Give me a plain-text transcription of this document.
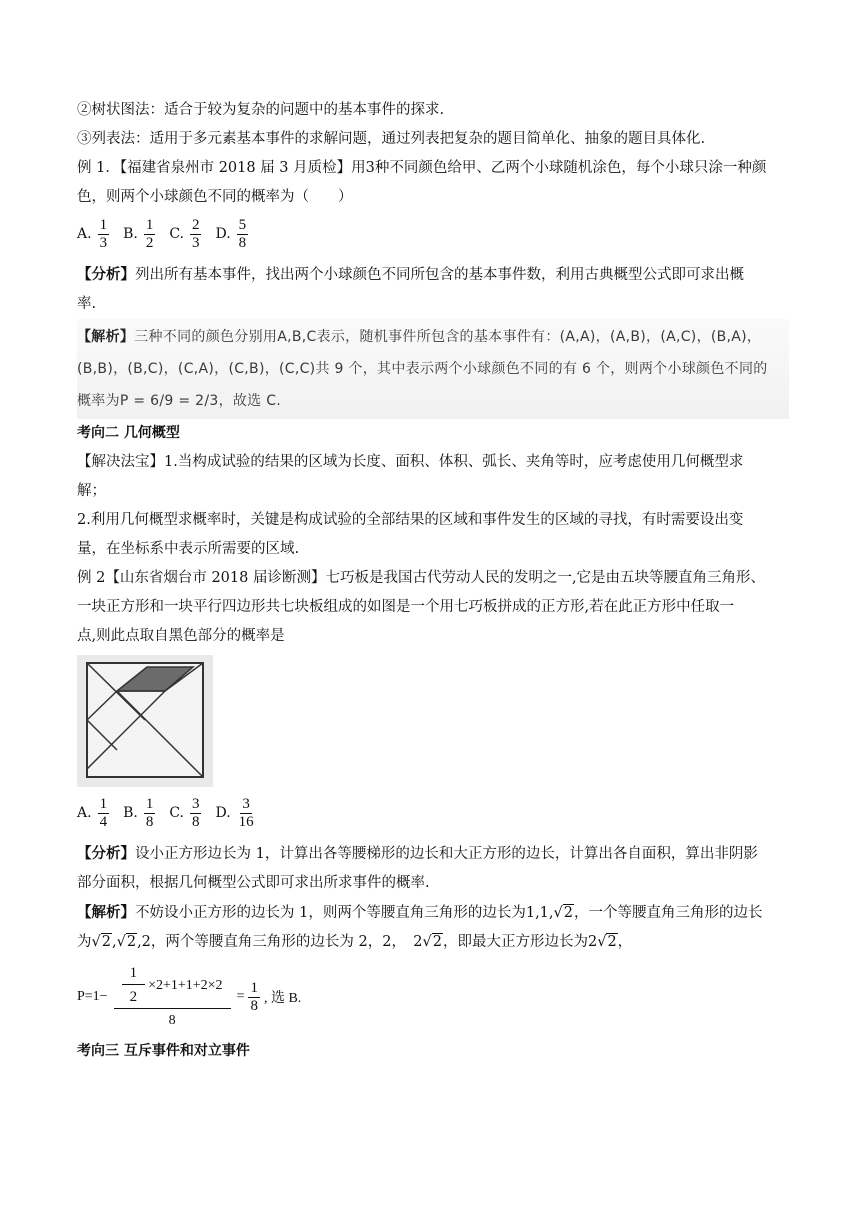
②树状图法：适合于较为复杂的问题中的基本事件的探求.

③列表法：适用于多元素基本事件的求解问题，通过列表把复杂的题目简单化、抽象的题目具体化.

例 1．【福建省泉州市 2018 届 3 月质检】用3种不同颜色给甲、乙两个小球随机涂色，每个小球只涂一种颜

色，则两个小球颜色不同的概率为（　　）

A. $\frac{1}{3} B$. $\frac{1}{2} C$. $\frac{2}{3} D$. $\frac{5}{8}$

【分析】列出所有基本事件，找出两个小球颜色不同所包含的基本事件数，利用古典概型公式即可求出概

率.

【解析】三种不同的颜色分别用A,B,C表示，随机事件所包含的基本事件有：(A,A)，(A,B)，(A,C)，(B,A)，
(B,B)，(B,C)，(C,A)，(C,B)，(C,C)共 9 个，其中表示两个小球颜色不同的有 6 个，则两个小球颜色不同的
概率为P = 6/9 = 2/3，故选 C.

考向二 几何概型

【解决法宝】1.当构成试验的结果的区域为长度、面积、体积、弧长、夹角等时，应考虑使用几何概型求

解；

2.利用几何概型求概率时，关键是构成试验的全部结果的区域和事件发生的区域的寻找，有时需要设出变

量，在坐标系中表示所需要的区域.

例 2【山东省烟台市 2018 届诊断测】七巧板是我国古代劳动人民的发明之一,它是由五块等腰直角三角形、

一块正方形和一块平行四边形共七块板组成的如图是一个用七巧板拼成的正方形,若在此正方形中任取一

点,则此点取自黑色部分的概率是

A. $\frac{1}{4} B$. $\frac{1}{8} C$. $\frac{3}{8} D$. $\frac{3}{16}$

【分析】设小正方形边长为 1，计算出各等腰梯形的边长和大正方形的边长，计算出各自面积，算出非阴影

部分面积，根据几何概型公式即可求出所求事件的概率.

【解析】不妨设小正方形的边长为 1，则两个等腰直角三角形的边长为1,1,√2，一个等腰直角三角形的边长

为√2,√2,2，两个等腰直角三角形的边长为 2，2，　2√2，即最大正方形边长为2√2，

$P=1- \frac{\frac{1}{2} \times 2+1+1+2\times 2}{8} = \frac{1}{8}$ , 选 B.

考向三 互斥事件和对立事件
